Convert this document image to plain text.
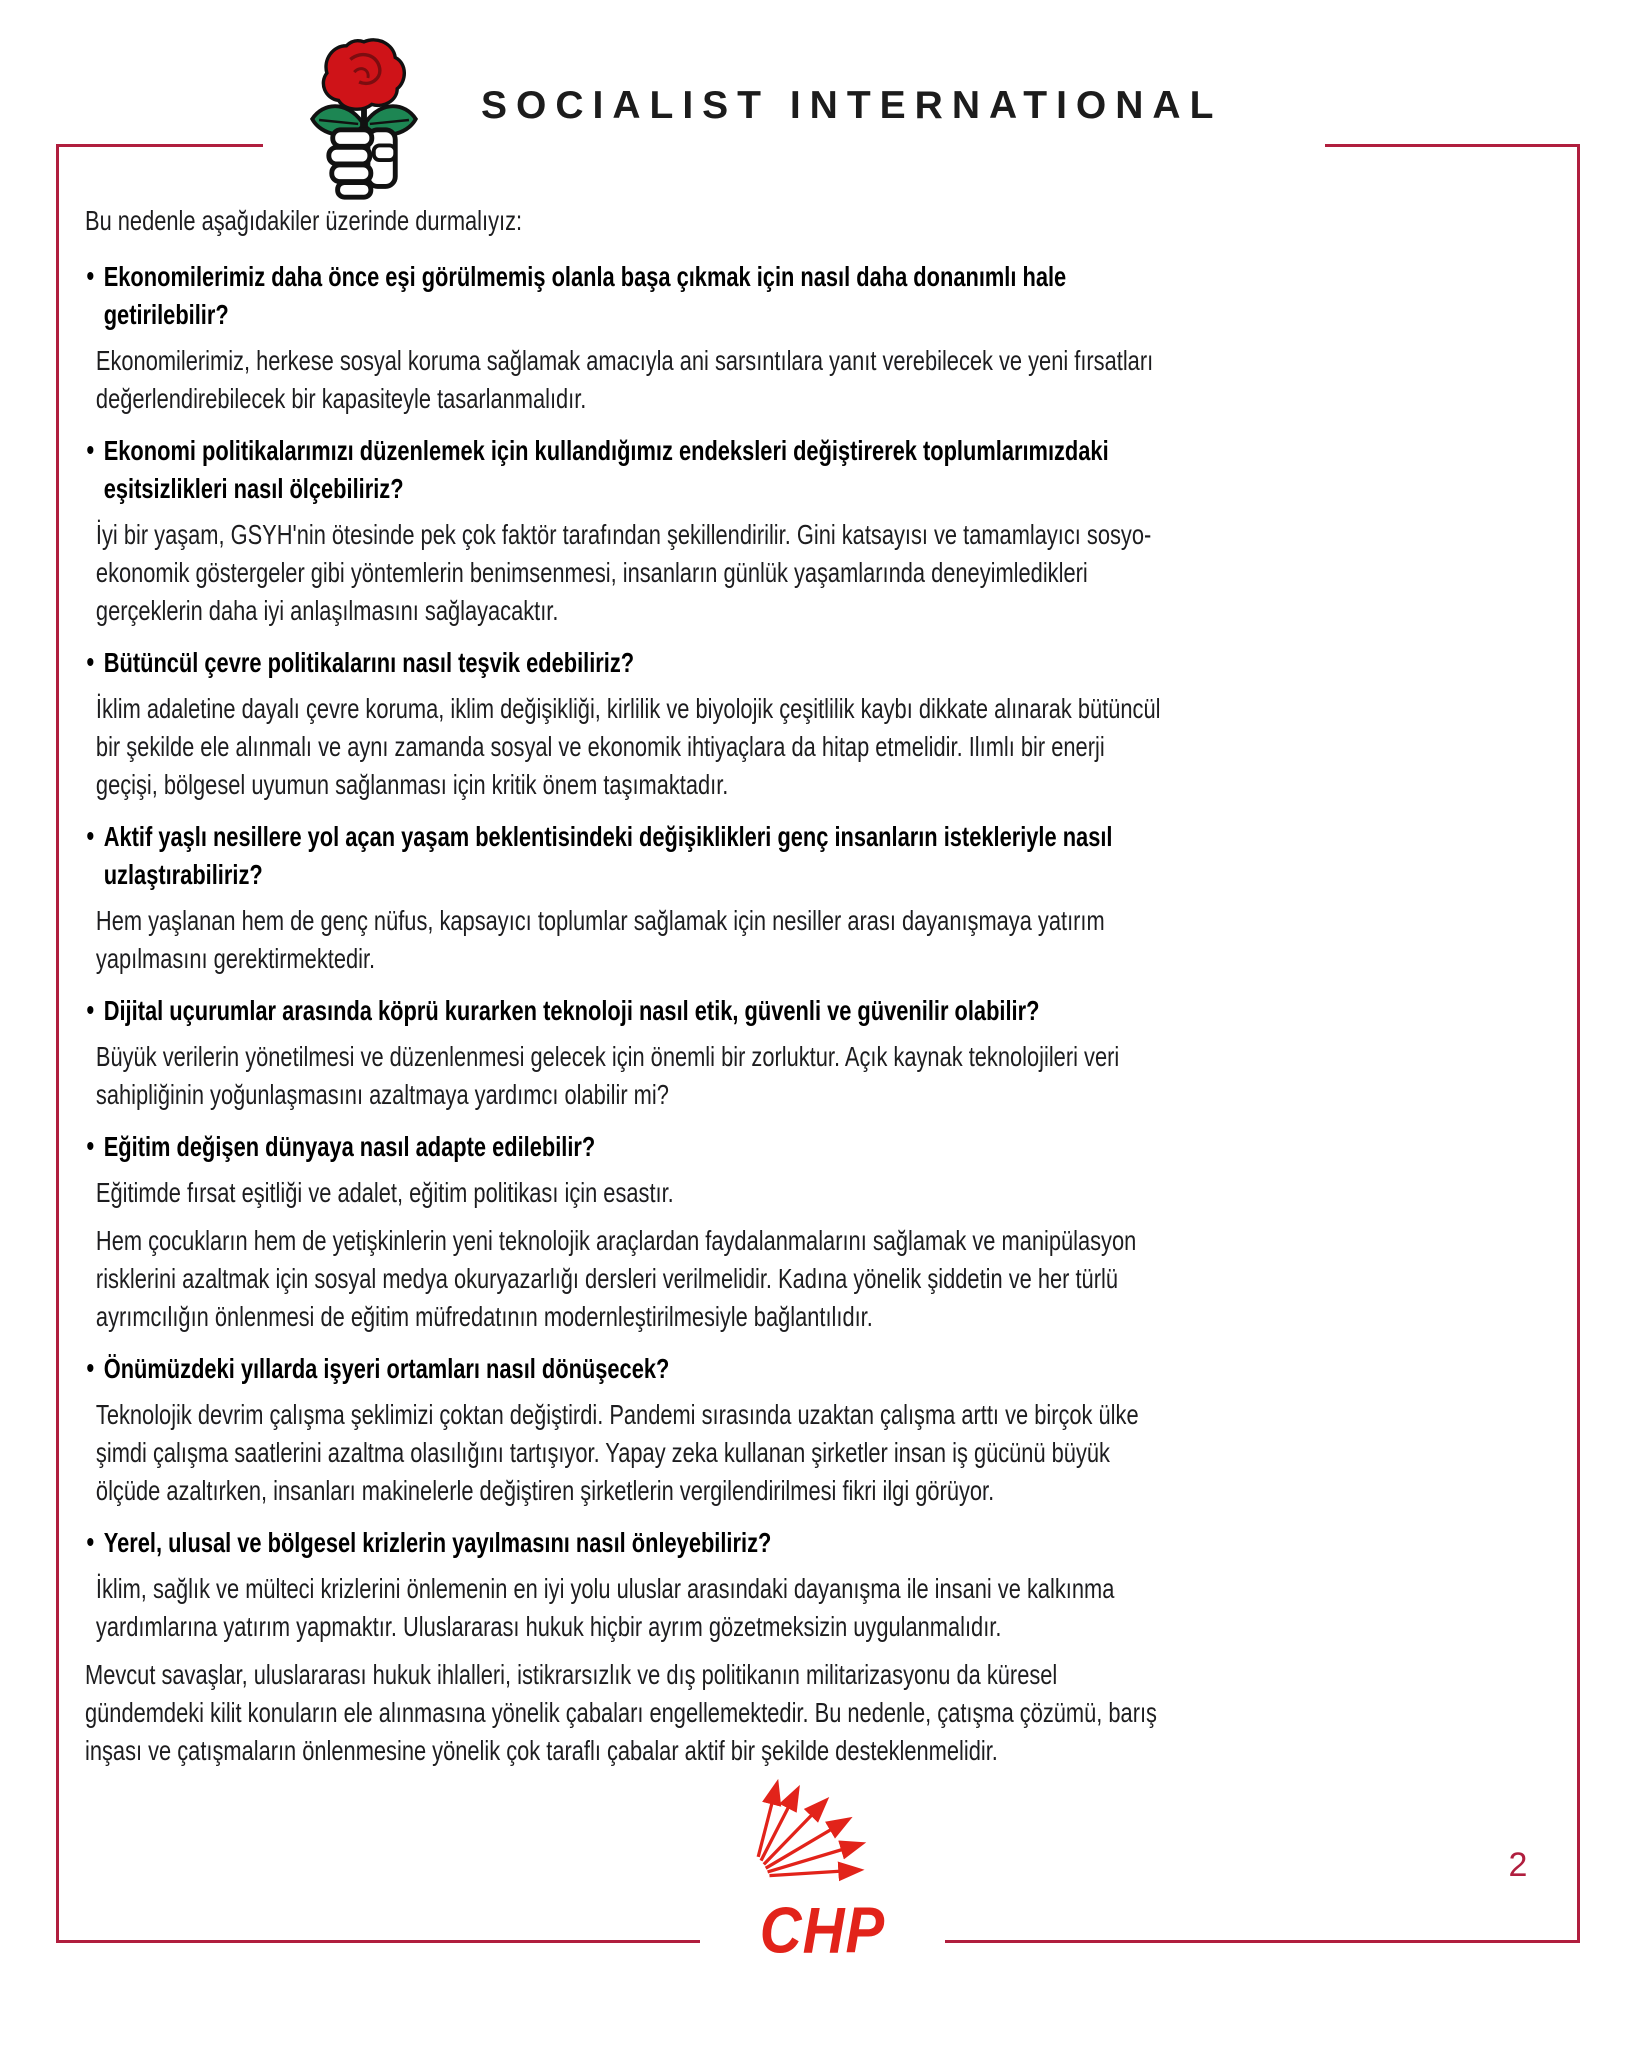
SOCIALIST INTERNATIONAL

Bu nedenle aşağıdakiler üzerinde durmalıyız:

• Ekonomilerimiz daha önce eşi görülmemiş olanla başa çıkmak için nasıl daha donanımlı hale getirilebilir?

Ekonomilerimiz, herkese sosyal koruma sağlamak amacıyla ani sarsıntılara yanıt verebilecek ve yeni fırsatları değerlendirebilecek bir kapasiteyle tasarlanmalıdır.

• Ekonomi politikalarımızı düzenlemek için kullandığımız endeksleri değiştirerek toplumlarımızdaki eşitsizlikleri nasıl ölçebiliriz?

İyi bir yaşam, GSYH'nin ötesinde pek çok faktör tarafından şekillendirilir. Gini katsayısı ve tamamlayıcı sosyo-ekonomik göstergeler gibi yöntemlerin benimsenmesi, insanların günlük yaşamlarında deneyimledikleri gerçeklerin daha iyi anlaşılmasını sağlayacaktır.

• Bütüncül çevre politikalarını nasıl teşvik edebiliriz?

İklim adaletine dayalı çevre koruma, iklim değişikliği, kirlilik ve biyolojik çeşitlilik kaybı dikkate alınarak bütüncül bir şekilde ele alınmalı ve aynı zamanda sosyal ve ekonomik ihtiyaçlara da hitap etmelidir. Ilımlı bir enerji geçişi, bölgesel uyumun sağlanması için kritik önem taşımaktadır.

• Aktif yaşlı nesillere yol açan yaşam beklentisindeki değişiklikleri genç insanların istekleriyle nasıl uzlaştırabiliriz?

Hem yaşlanan hem de genç nüfus, kapsayıcı toplumlar sağlamak için nesiller arası dayanışmaya yatırım yapılmasını gerektirmektedir.

• Dijital uçurumlar arasında köprü kurarken teknoloji nasıl etik, güvenli ve güvenilir olabilir?

Büyük verilerin yönetilmesi ve düzenlenmesi gelecek için önemli bir zorluktur. Açık kaynak teknolojileri veri sahipliğinin yoğunlaşmasını azaltmaya yardımcı olabilir mi?

• Eğitim değişen dünyaya nasıl adapte edilebilir?

Eğitimde fırsat eşitliği ve adalet, eğitim politikası için esastır.

Hem çocukların hem de yetişkinlerin yeni teknolojik araçlardan faydalanmalarını sağlamak ve manipülasyon risklerini azaltmak için sosyal medya okuryazarlığı dersleri verilmelidir. Kadına yönelik şiddetin ve her türlü ayrımcılığın önlenmesi de eğitim müfredatının modernleştirilmesiyle bağlantılıdır.

• Önümüzdeki yıllarda işyeri ortamları nasıl dönüşecek?

Teknolojik devrim çalışma şeklimizi çoktan değiştirdi. Pandemi sırasında uzaktan çalışma arttı ve birçok ülke şimdi çalışma saatlerini azaltma olasılığını tartışıyor. Yapay zeka kullanan şirketler insan iş gücünü büyük ölçüde azaltırken, insanları makinelerle değiştiren şirketlerin vergilendirilmesi fikri ilgi görüyor.

• Yerel, ulusal ve bölgesel krizlerin yayılmasını nasıl önleyebiliriz?

İklim, sağlık ve mülteci krizlerini önlemenin en iyi yolu uluslar arasındaki dayanışma ile insani ve kalkınma yardımlarına yatırım yapmaktır. Uluslararası hukuk hiçbir ayrım gözetmeksizin uygulanmalıdır.

Mevcut savaşlar, uluslararası hukuk ihlalleri, istikrarsızlık ve dış politikanın militarizasyonu da küresel gündemdeki kilit konuların ele alınmasına yönelik çabaları engellemektedir. Bu nedenle, çatışma çözümü, barış inşası ve çatışmaların önlenmesine yönelik çok taraflı çabalar aktif bir şekilde desteklenmelidir.

2
CHP
